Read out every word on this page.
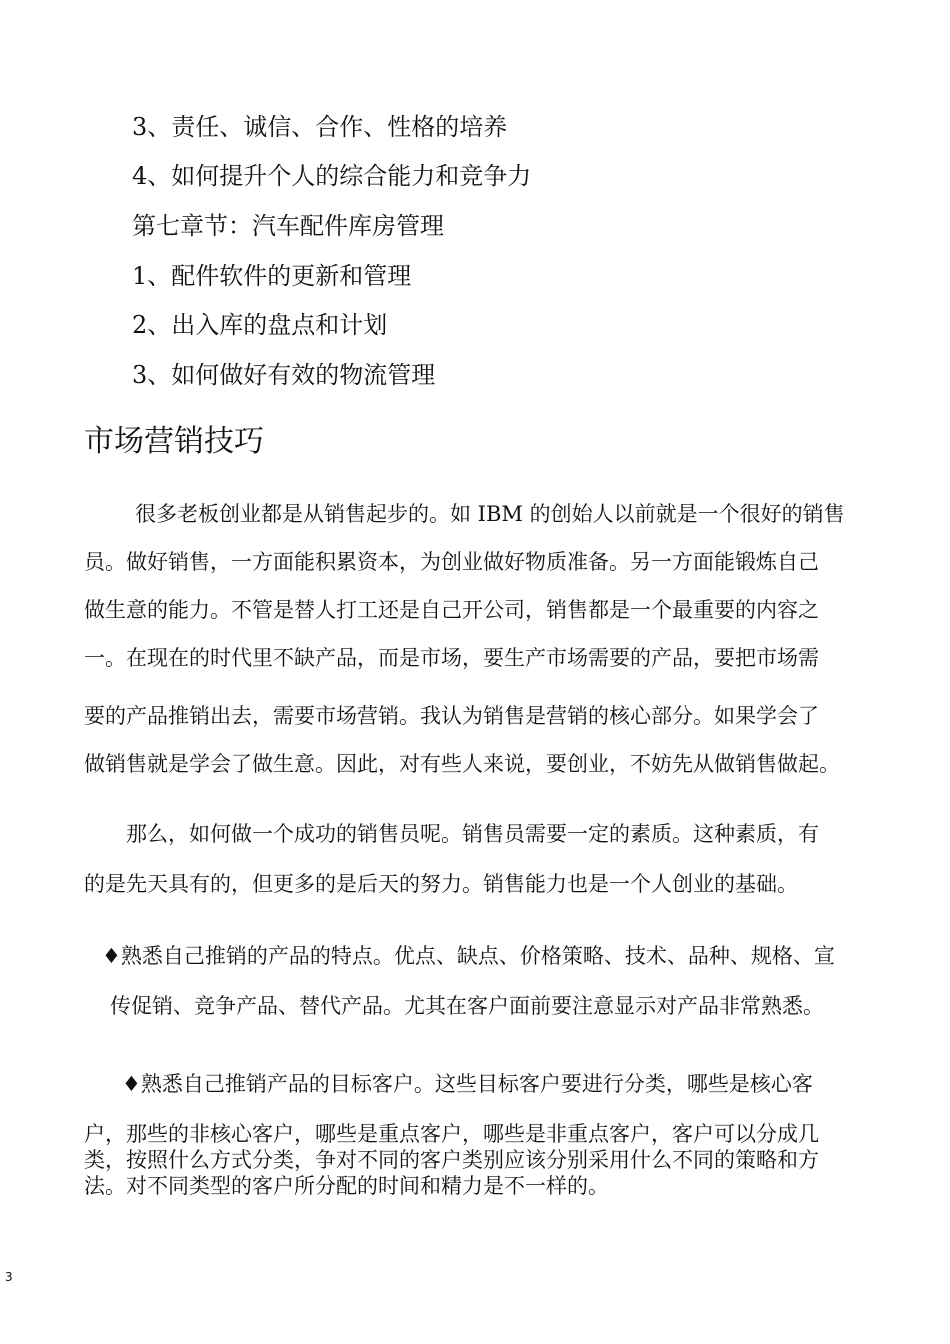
3、责任、诚信、合作、性格的培养
4、如何提升个人的综合能力和竞争力
第七章节：汽车配件库房管理
1、配件软件的更新和管理
2、出入库的盘点和计划
3、如何做好有效的物流管理
市场营销技巧
很多老板创业都是从销售起步的。如 IBM 的创始人以前就是一个很好的销售
员。做好销售，一方面能积累资本，为创业做好物质准备。另一方面能锻炼自己
做生意的能力。不管是替人打工还是自己开公司，销售都是一个最重要的内容之
一。在现在的时代里不缺产品，而是市场，要生产市场需要的产品，要把市场需
要的产品推销出去，需要市场营销。我认为销售是营销的核心部分。如果学会了
做销售就是学会了做生意。因此，对有些人来说，要创业，不妨先从做销售做起。
那么，如何做一个成功的销售员呢。销售员需要一定的素质。这种素质，有
的是先天具有的，但更多的是后天的努力。销售能力也是一个人创业的基础。
♦熟悉自己推销的产品的特点。优点、缺点、价格策略、技术、品种、规格、宣
传促销、竞争产品、替代产品。尤其在客户面前要注意显示对产品非常熟悉。
♦熟悉自己推销产品的目标客户。这些目标客户要进行分类，哪些是核心客
户，那些的非核心客户，哪些是重点客户，哪些是非重点客户，客户可以分成几
类，按照什么方式分类，争对不同的客户类别应该分别采用什么不同的策略和方
法。对不同类型的客户所分配的时间和精力是不一样的。
3
